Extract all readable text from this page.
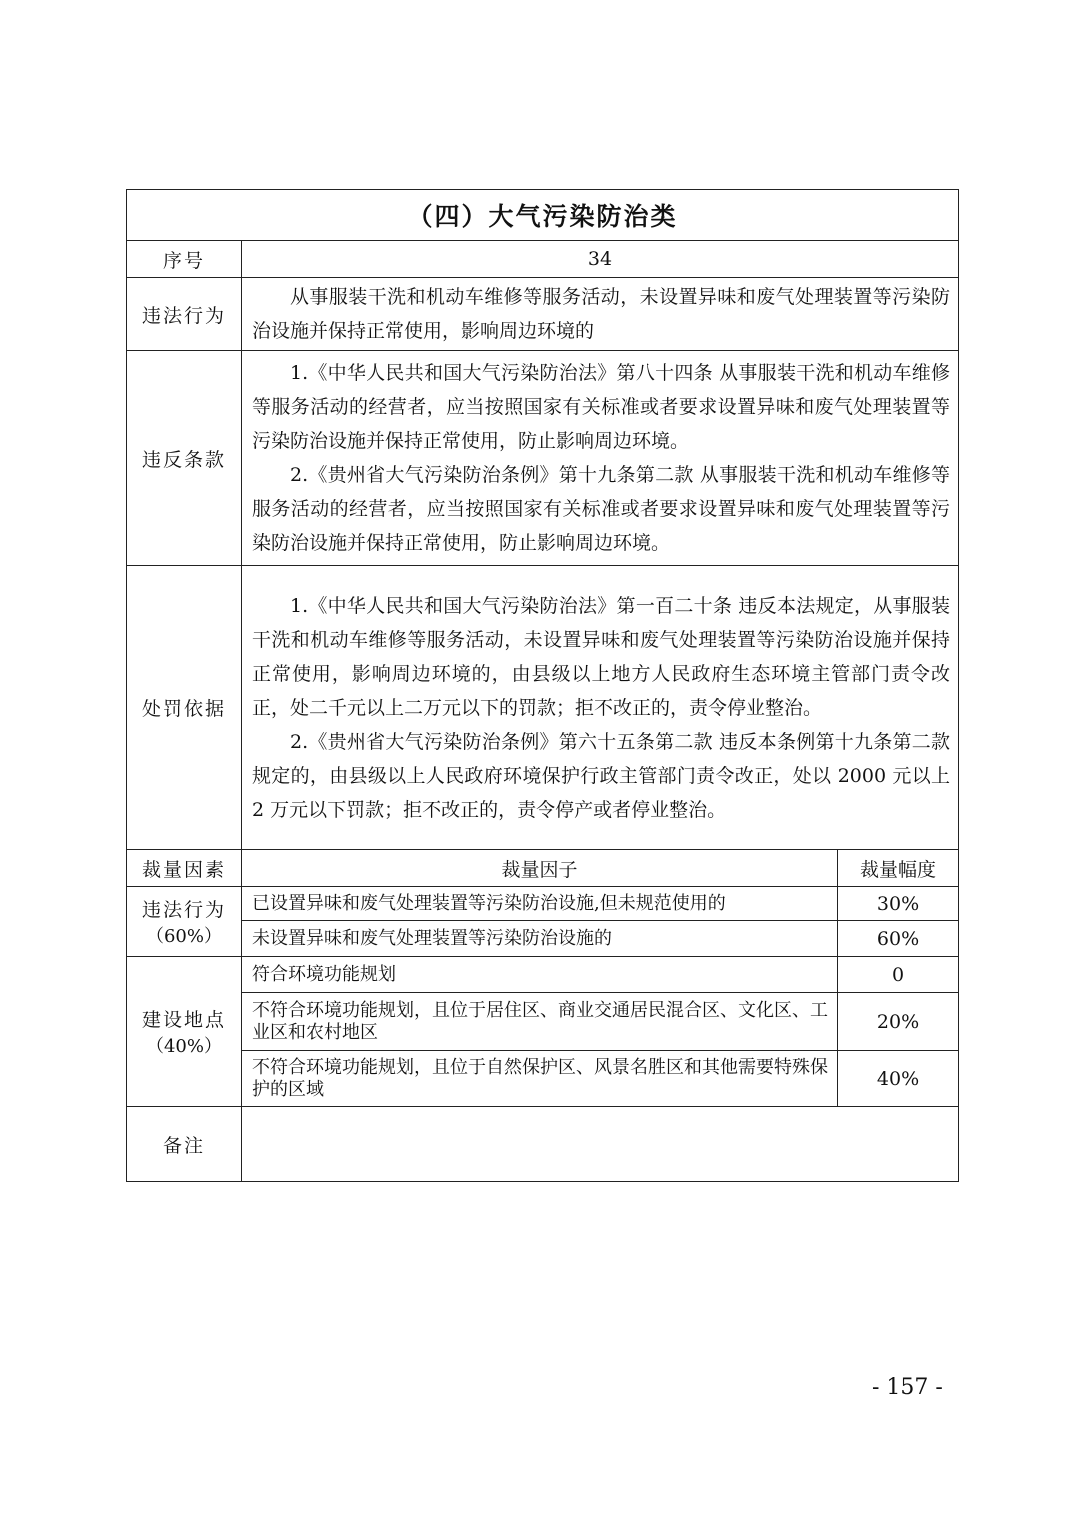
（四）大气污染防治类		
序号	34	
违法行为	从事服装干洗和机动车维修等服务活动，未设置异味和废气处理装置等污染防治设施并保持正常使用，影响周边环境的	

违反条款	1.《中华人民共和国大气污染防治法》第八十四条 从事服装干洗和机动车维修等服务活动的经营者，应当按照国家有关标准或者要求设置异味和废气处理装置等污染防治设施并保持正常使用，防止影响周边环境。

2.《贵州省大气污染防治条例》第十九条第二款 从事服装干洗和机动车维修等服务活动的经营者，应当按照国家有关标准或者要求设置异味和废气处理装置等污染防治设施并保持正常使用，防止影响周边环境。	

处罚依据	1.《中华人民共和国大气污染防治法》第一百二十条 违反本法规定，从事服装干洗和机动车维修等服务活动，未设置异味和废气处理装置等污染防治设施并保持正常使用，影响周边环境的，由县级以上地方人民政府生态环境主管部门责令改正，处二千元以上二万元以下的罚款；拒不改正的，责令停业整治。

2.《贵州省大气污染防治条例》第六十五条第二款 违反本条例第十九条第二款规定的，由县级以上人民政府环境保护行政主管部门责令改正，处以 2000 元以上 2 万元以下罚款；拒不改正的，责令停产或者停业整治。	

裁量因素	裁量因子	裁量幅度
违法行为
（60%）	已设置异味和废气处理装置等污染防治设施,但未规范使用的	30%
	未设置异味和废气处理装置等污染防治设施的	60%
建设地点
（40%）	符合环境功能规划	0
	不符合环境功能规划，且位于居住区、商业交通居民混合区、文化区、工业区和农村地区	20%
	不符合环境功能规划，且位于自然保护区、风景名胜区和其他需要特殊保护的区域	40%
备注		
- 157 -
